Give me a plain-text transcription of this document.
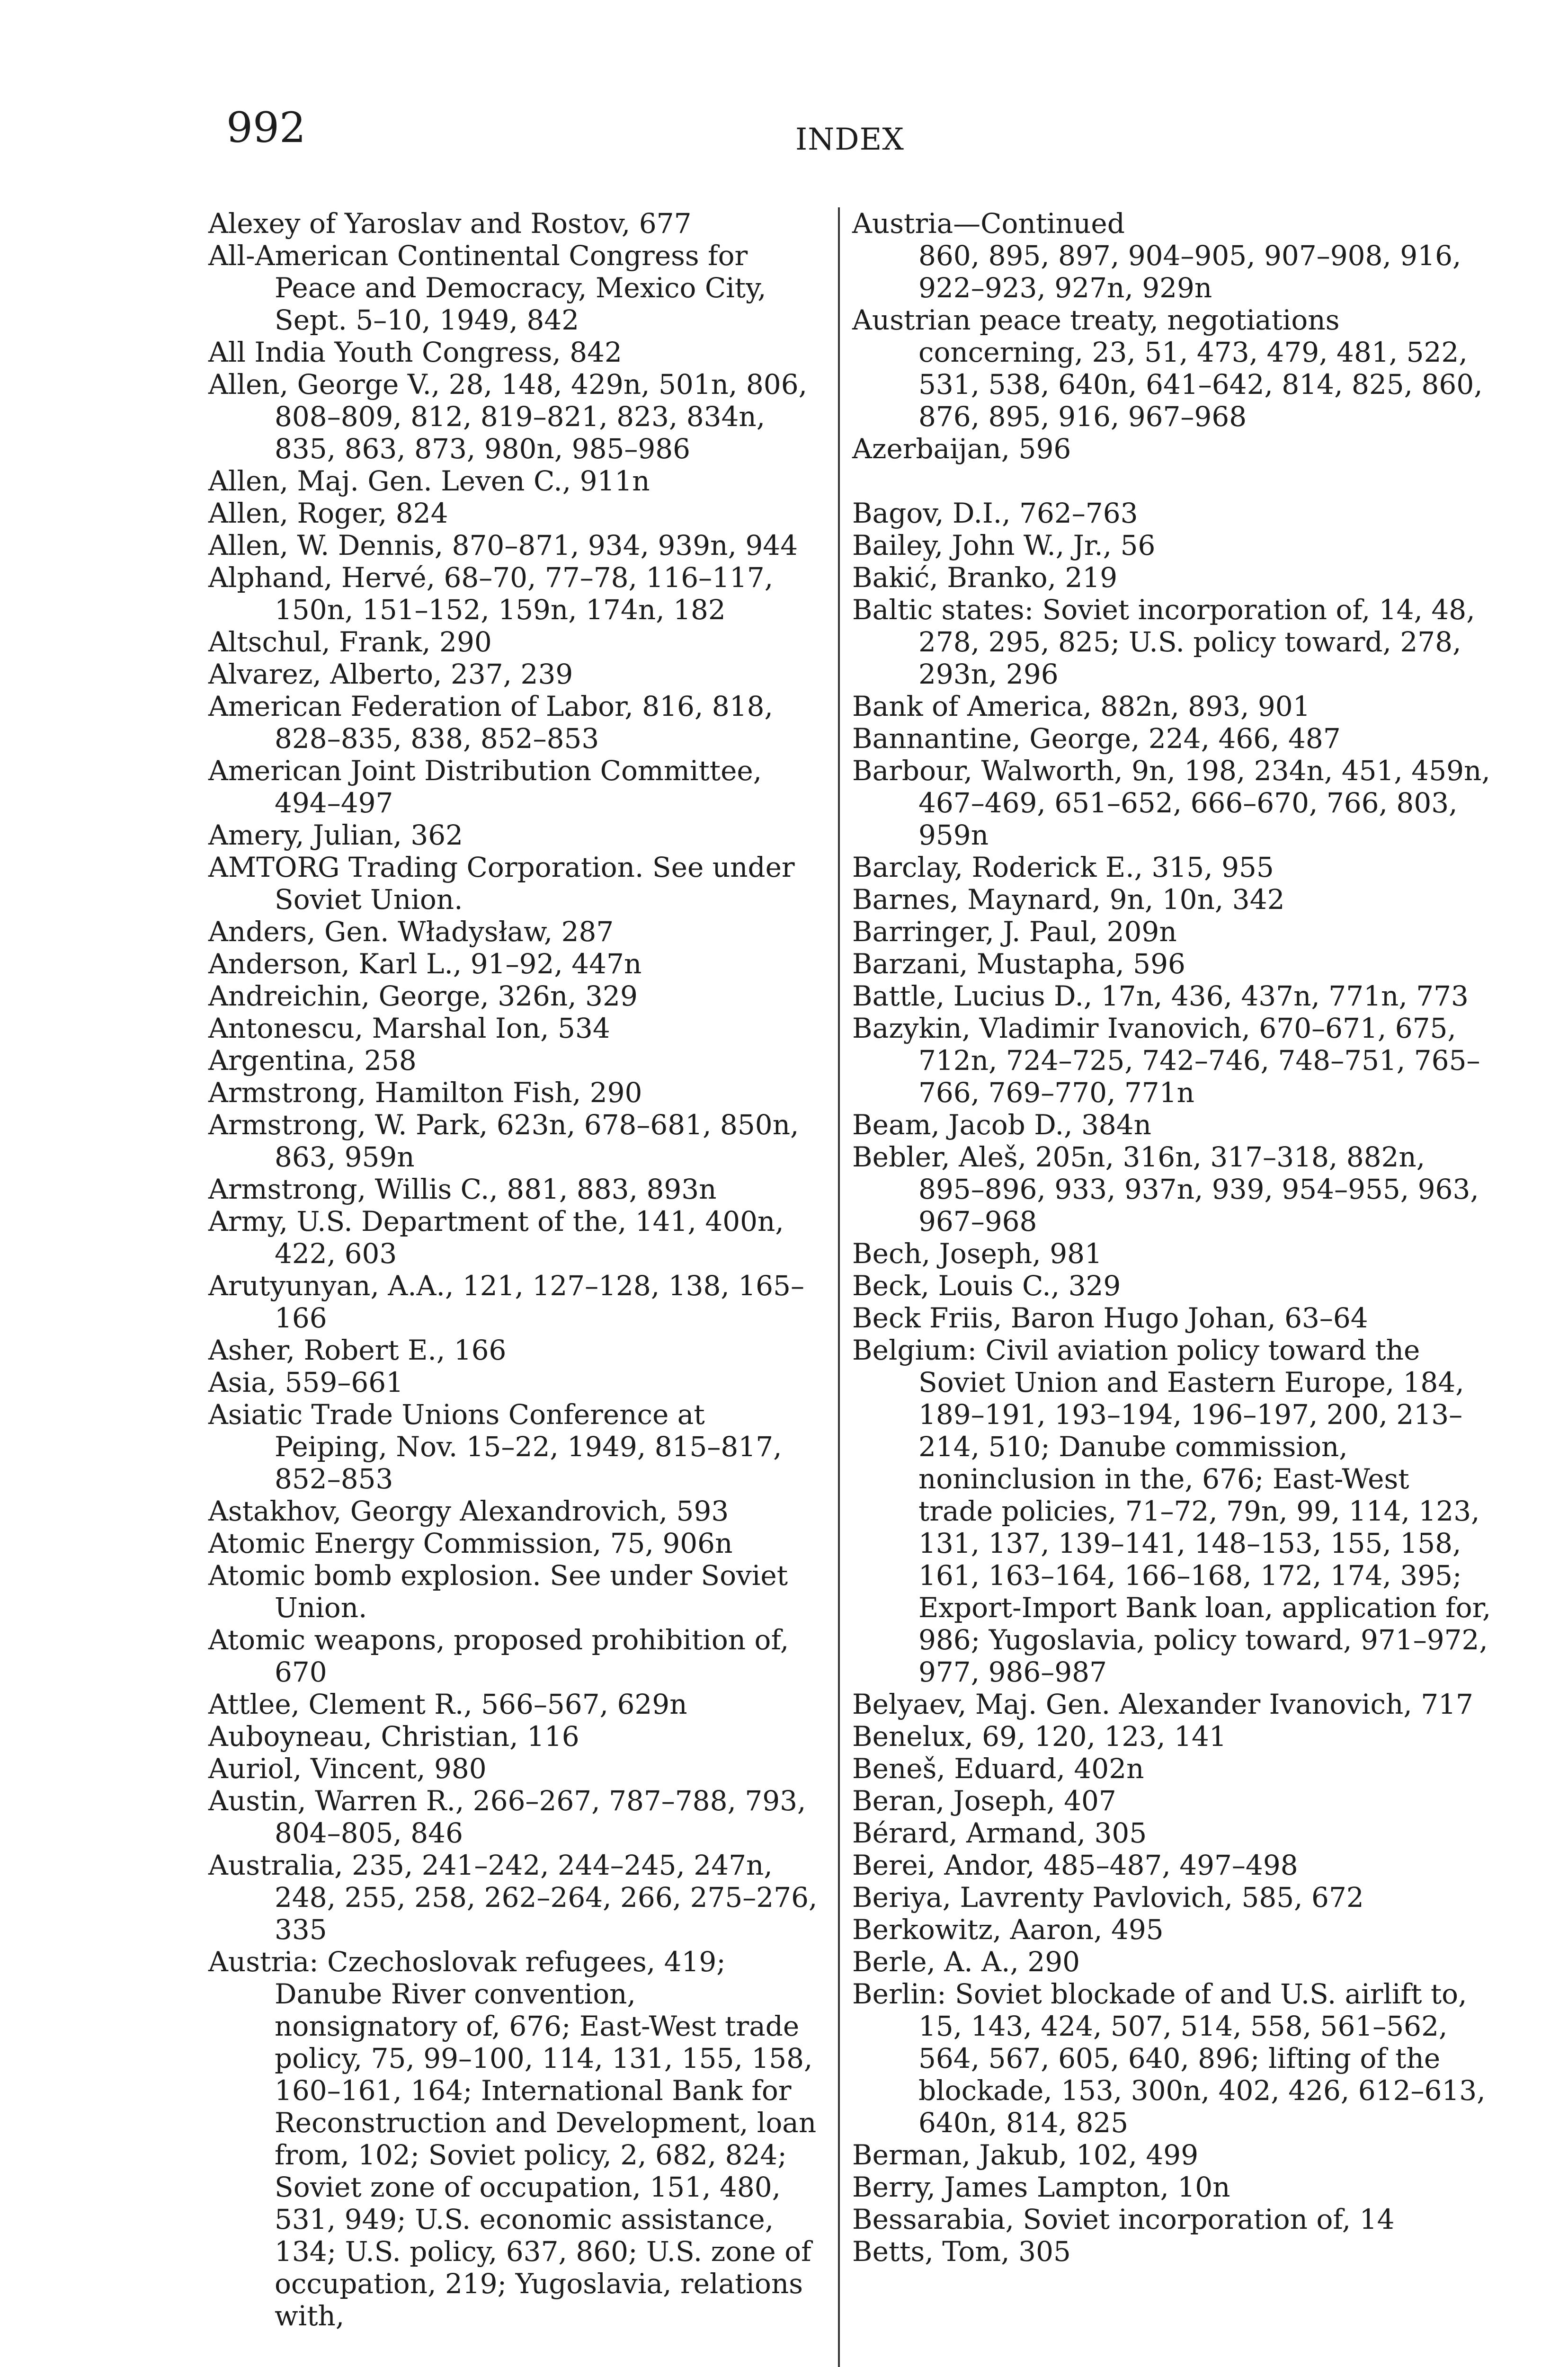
992	INDEX

Alexey of Yaroslav and Rostov, 677

All-American Continental Congress for Peace and Democracy, Mexico City, Sept. 5–10, 1949, 842

All India Youth Congress, 842

Allen, George V., 28, 148, 429n, 501n, 806, 808–809, 812, 819–821, 823, 834n, 835, 863, 873, 980n, 985–986

Allen, Maj. Gen. Leven C., 911n

Allen, Roger, 824

Allen, W. Dennis, 870–871, 934, 939n, 944

Alphand, Hervé, 68–70, 77–78, 116–117, 150n, 151–152, 159n, 174n, 182

Altschul, Frank, 290

Alvarez, Alberto, 237, 239

American Federation of Labor, 816, 818, 828–835, 838, 852–853

American Joint Distribution Committee, 494–497

Amery, Julian, 362

AMTORG Trading Corporation. See under Soviet Union.

Anders, Gen. Władysław, 287

Anderson, Karl L., 91–92, 447n

Andreichin, George, 326n, 329

Antonescu, Marshal Ion, 534

Argentina, 258

Armstrong, Hamilton Fish, 290

Armstrong, W. Park, 623n, 678–681, 850n, 863, 959n

Armstrong, Willis C., 881, 883, 893n

Army, U.S. Department of the, 141, 400n, 422, 603

Arutyunyan, A.A., 121, 127–128, 138, 165–166

Asher, Robert E., 166

Asia, 559–661

Asiatic Trade Unions Conference at Peiping, Nov. 15–22, 1949, 815–817, 852–853

Astakhov, Georgy Alexandrovich, 593

Atomic Energy Commission, 75, 906n

Atomic bomb explosion. See under Soviet Union.

Atomic weapons, proposed prohibition of, 670

Attlee, Clement R., 566–567, 629n

Auboyneau, Christian, 116

Auriol, Vincent, 980

Austin, Warren R., 266–267, 787–788, 793, 804–805, 846

Australia, 235, 241–242, 244–245, 247n, 248, 255, 258, 262–264, 266, 275–276, 335

Austria: Czechoslovak refugees, 419; Danube River convention, nonsignatory of, 676; East-West trade policy, 75, 99–100, 114, 131, 155, 158, 160–161, 164; International Bank for Reconstruction and Development, loan from, 102; Soviet policy, 2, 682, 824; Soviet zone of occupation, 151, 480, 531, 949; U.S. economic assistance, 134; U.S. policy, 637, 860; U.S. zone of occupation, 219; Yugoslavia, relations with,

Austria—Continued

860, 895, 897, 904–905, 907–908, 916, 922–923, 927n, 929n

Austrian peace treaty, negotiations concerning, 23, 51, 473, 479, 481, 522, 531, 538, 640n, 641–642, 814, 825, 860, 876, 895, 916, 967–968

Azerbaijan, 596

Bagov, D.I., 762–763

Bailey, John W., Jr., 56

Bakić, Branko, 219

Baltic states: Soviet incorporation of, 14, 48, 278, 295, 825; U.S. policy toward, 278, 293n, 296

Bank of America, 882n, 893, 901

Bannantine, George, 224, 466, 487

Barbour, Walworth, 9n, 198, 234n, 451, 459n, 467–469, 651–652, 666–670, 766, 803, 959n

Barclay, Roderick E., 315, 955

Barnes, Maynard, 9n, 10n, 342

Barringer, J. Paul, 209n

Barzani, Mustapha, 596

Battle, Lucius D., 17n, 436, 437n, 771n, 773

Bazykin, Vladimir Ivanovich, 670–671, 675, 712n, 724–725, 742–746, 748–751, 765–766, 769–770, 771n

Beam, Jacob D., 384n

Bebler, Aleš, 205n, 316n, 317–318, 882n, 895–896, 933, 937n, 939, 954–955, 963, 967–968

Bech, Joseph, 981

Beck, Louis C., 329

Beck Friis, Baron Hugo Johan, 63–64

Belgium: Civil aviation policy toward the Soviet Union and Eastern Europe, 184, 189–191, 193–194, 196–197, 200, 213–214, 510; Danube commission, noninclusion in the, 676; East-West trade policies, 71–72, 79n, 99, 114, 123, 131, 137, 139–141, 148–153, 155, 158, 161, 163–164, 166–168, 172, 174, 395; Export-Import Bank loan, application for, 986; Yugoslavia, policy toward, 971–972, 977, 986–987

Belyaev, Maj. Gen. Alexander Ivanovich, 717

Benelux, 69, 120, 123, 141

Beneš, Eduard, 402n

Beran, Joseph, 407

Bérard, Armand, 305

Berei, Andor, 485–487, 497–498

Beriya, Lavrenty Pavlovich, 585, 672

Berkowitz, Aaron, 495

Berle, A. A., 290

Berlin: Soviet blockade of and U.S. airlift to, 15, 143, 424, 507, 514, 558, 561–562, 564, 567, 605, 640, 896; lifting of the blockade, 153, 300n, 402, 426, 612–613, 640n, 814, 825

Berman, Jakub, 102, 499

Berry, James Lampton, 10n

Bessarabia, Soviet incorporation of, 14

Betts, Tom, 305
